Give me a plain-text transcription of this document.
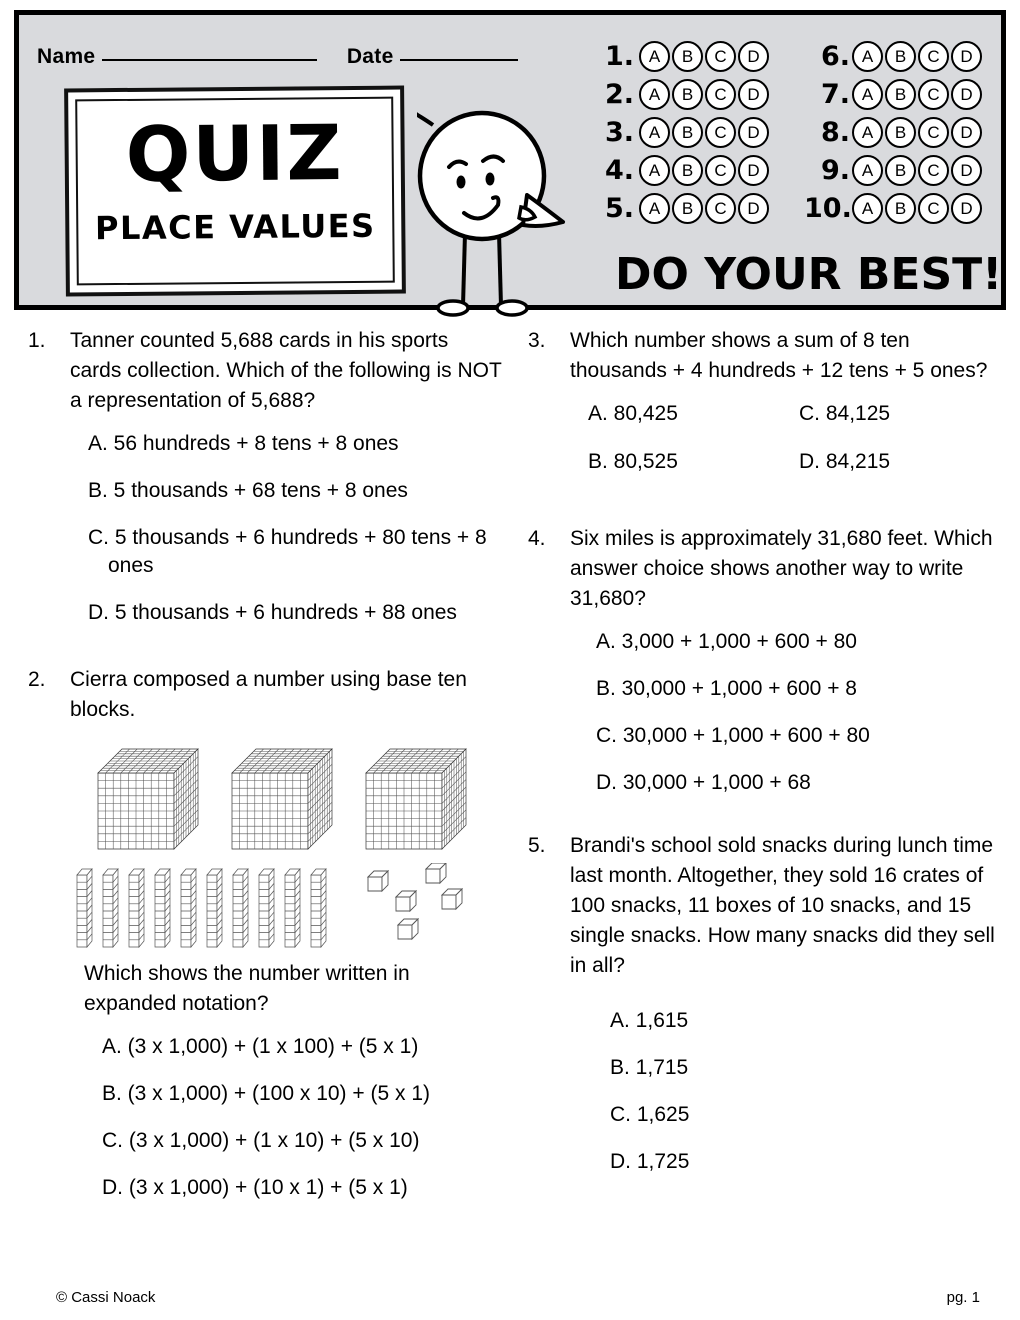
Name	Date
QUIZ
PLACE VALUES
1. A	B	C	D
2. A	B	C	D
3. A	B	C	D
4. A	B	C	D
5. A	B	C	D
6. A	B	C	D
7. A	B	C	D
8. A	B	C	D
9. A	B	C	D
10. A	B	C	D
DO YOUR BEST!
1.	Tanner counted 5,688 cards in his sports cards collection. Which of the following is NOT a representation of 5,688?
A. 56 hundreds + 8 tens + 8 ones
B. 5 thousands + 68 tens + 8 ones
C. 5 thousands + 6 hundreds + 80 tens + 8 ones
D. 5 thousands + 6 hundreds + 88 ones
2.	Cierra composed a number using base ten blocks.
Which shows the number written in expanded notation?
A. (3 x 1,000) + (1 x 100) + (5 x 1)
B. (3 x 1,000) + (100 x 10) + (5 x 1)
C. (3 x 1,000) + (1 x 10) + (5 x 10)
D. (3 x 1,000) + (10 x 1) + (5 x 1)
3.	Which number shows a sum of 8 ten thousands + 4 hundreds + 12 tens + 5 ones?
A. 80,425	C. 84,125
B. 80,525	D. 84,215
4.	Six miles is approximately 31,680 feet. Which answer choice shows another way to write 31,680?
A. 3,000 + 1,000 + 600 + 80
B. 30,000 + 1,000 + 600 + 8
C. 30,000 + 1,000 + 600 + 80
D. 30,000 + 1,000 + 68
5.	Brandi's school sold snacks during lunch time last month. Altogether, they sold 16 crates of 100 snacks, 11 boxes of 10 snacks, and 15 single snacks. How many snacks did they sell in all?
A. 1,615
B. 1,715
C. 1,625
D. 1,725
© Cassi Noack	pg. 1
